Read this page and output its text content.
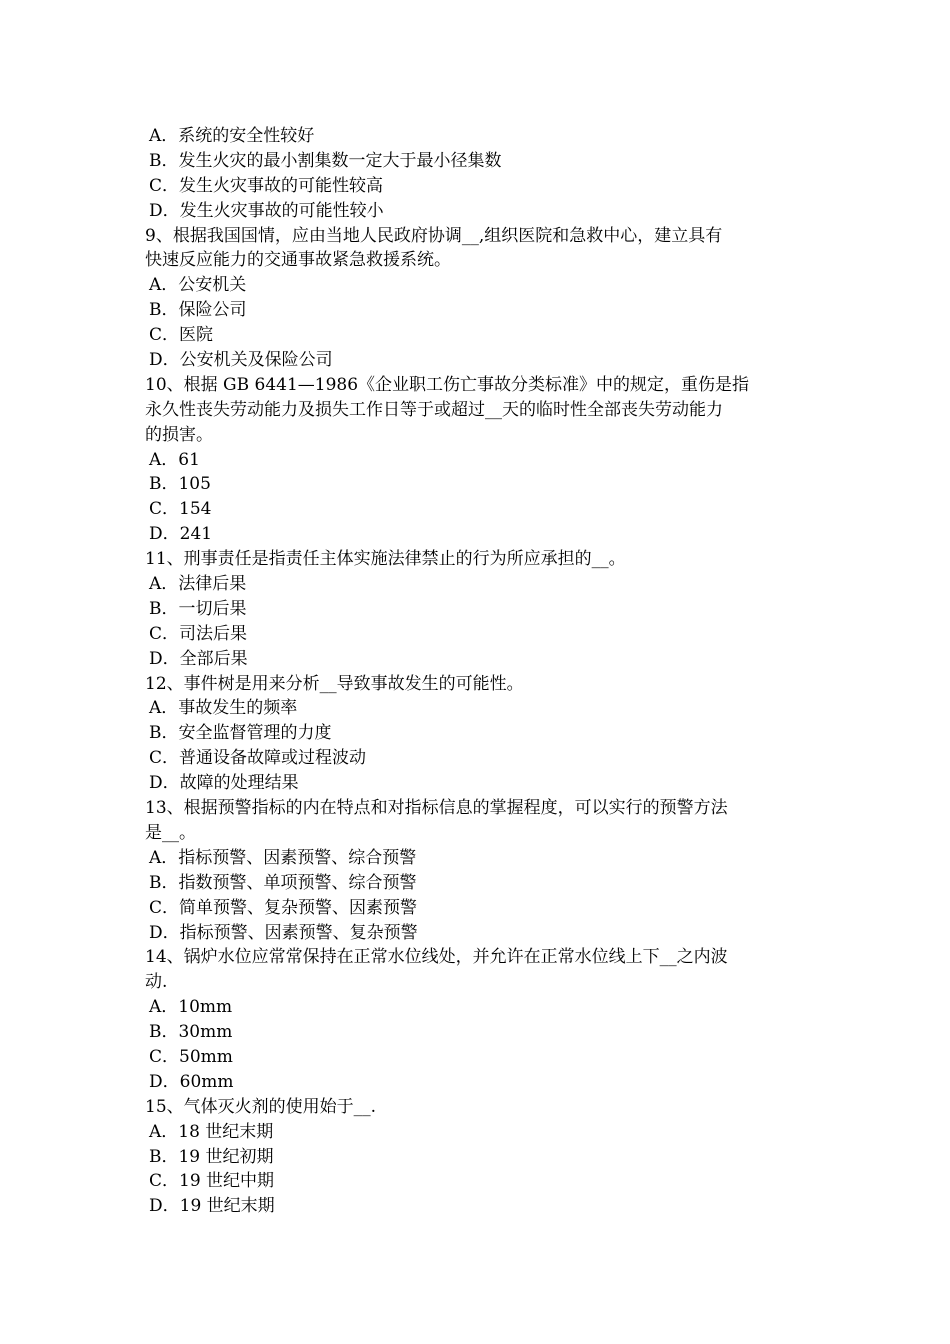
A．系统的安全性较好
B．发生火灾的最小割集数一定大于最小径集数
C．发生火灾事故的可能性较高
D．发生火灾事故的可能性较小
9、根据我国国情，应由当地人民政府协调__,组织医院和急救中心，建立具有
快速反应能力的交通事故紧急救援系统。
A．公安机关
B．保险公司
C．医院
D．公安机关及保险公司
10、根据 GB 6441—1986《企业职工伤亡事故分类标准》中的规定，重伤是指
永久性丧失劳动能力及损失工作日等于或超过__天的临时性全部丧失劳动能力
的损害。
A．61
B．105
C．154
D．241
11、刑事责任是指责任主体实施法律禁止的行为所应承担的__。
A．法律后果
B．一切后果
C．司法后果
D．全部后果
12、事件树是用来分析__导致事故发生的可能性。
A．事故发生的频率
B．安全监督管理的力度
C．普通设备故障或过程波动
D．故障的处理结果
13、根据预警指标的内在特点和对指标信息的掌握程度，可以实行的预警方法
是__。
A．指标预警、因素预警、综合预警
B．指数预警、单项预警、综合预警
C．简单预警、复杂预警、因素预警
D．指标预警、因素预警、复杂预警
14、锅炉水位应常常保持在正常水位线处，并允许在正常水位线上下__之内波
动.
A．10mm
B．30mm
C．50mm
D．60mm
15、气体灭火剂的使用始于__.
A．18 世纪末期
B．19 世纪初期
C．19 世纪中期
D．19 世纪末期
